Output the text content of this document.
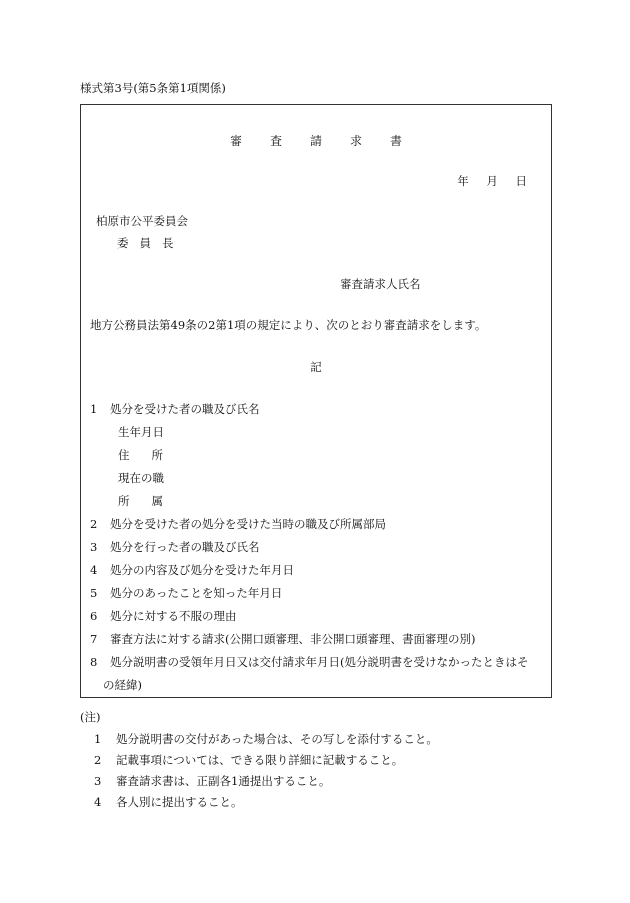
様式第3号(第5条第1項関係)
審 査 請 求 書
年 月 日
柏原市公平委員会
委 員 長
審査請求人氏名
地方公務員法第49条の2第1項の規定により、次のとおり審査請求をします。
記
1 処分を受けた者の職及び氏名
生年月日
住 所
現在の職
所 属
2 処分を受けた者の処分を受けた当時の職及び所属部局
3 処分を行った者の職及び氏名
4 処分の内容及び処分を受けた年月日
5 処分のあったことを知った年月日
6 処分に対する不服の理由
7 審査方法に対する請求(公開口頭審理、非公開口頭審理、書面審理の別)
8 処分説明書の受領年月日又は交付請求年月日(処分説明書を受けなかったときはそ
の経緯)
(注)
1 処分説明書の交付があった場合は、その写しを添付すること。
2 記載事項については、できる限り詳細に記載すること。
3 審査請求書は、正副各1通提出すること。
4 各人別に提出すること。
